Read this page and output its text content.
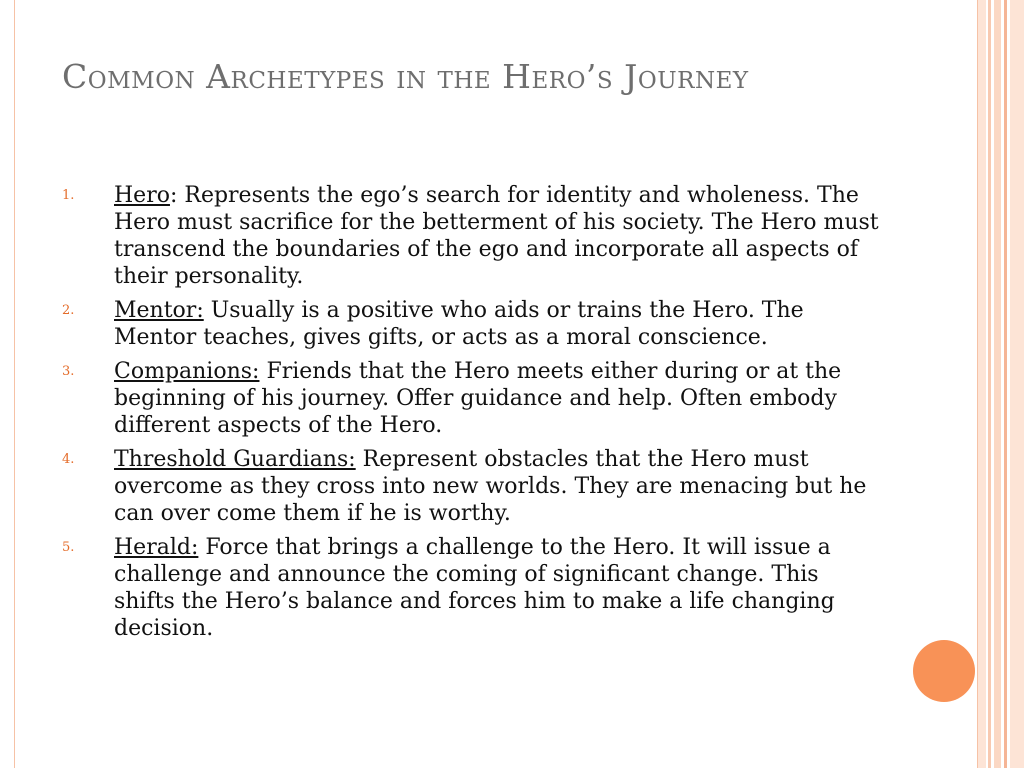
Common Archetypes in the Hero’s Journey
1. Hero: Represents the ego’s search for identity and wholeness. The Hero must sacrifice for the betterment of his society. The Hero must transcend the boundaries of the ego and incorporate all aspects of their personality.
2. Mentor: Usually is a positive who aids or trains the Hero. The Mentor teaches, gives gifts, or acts as a moral conscience.
3. Companions: Friends that the Hero meets either during or at the beginning of his journey. Offer guidance and help. Often embody different aspects of the Hero.
4. Threshold Guardians: Represent obstacles that the Hero must overcome as they cross into new worlds. They are menacing but he can over come them if he is worthy.
5. Herald: Force that brings a challenge to the Hero. It will issue a challenge and announce the coming of significant change. This shifts the Hero’s balance and forces him to make a life changing decision.
